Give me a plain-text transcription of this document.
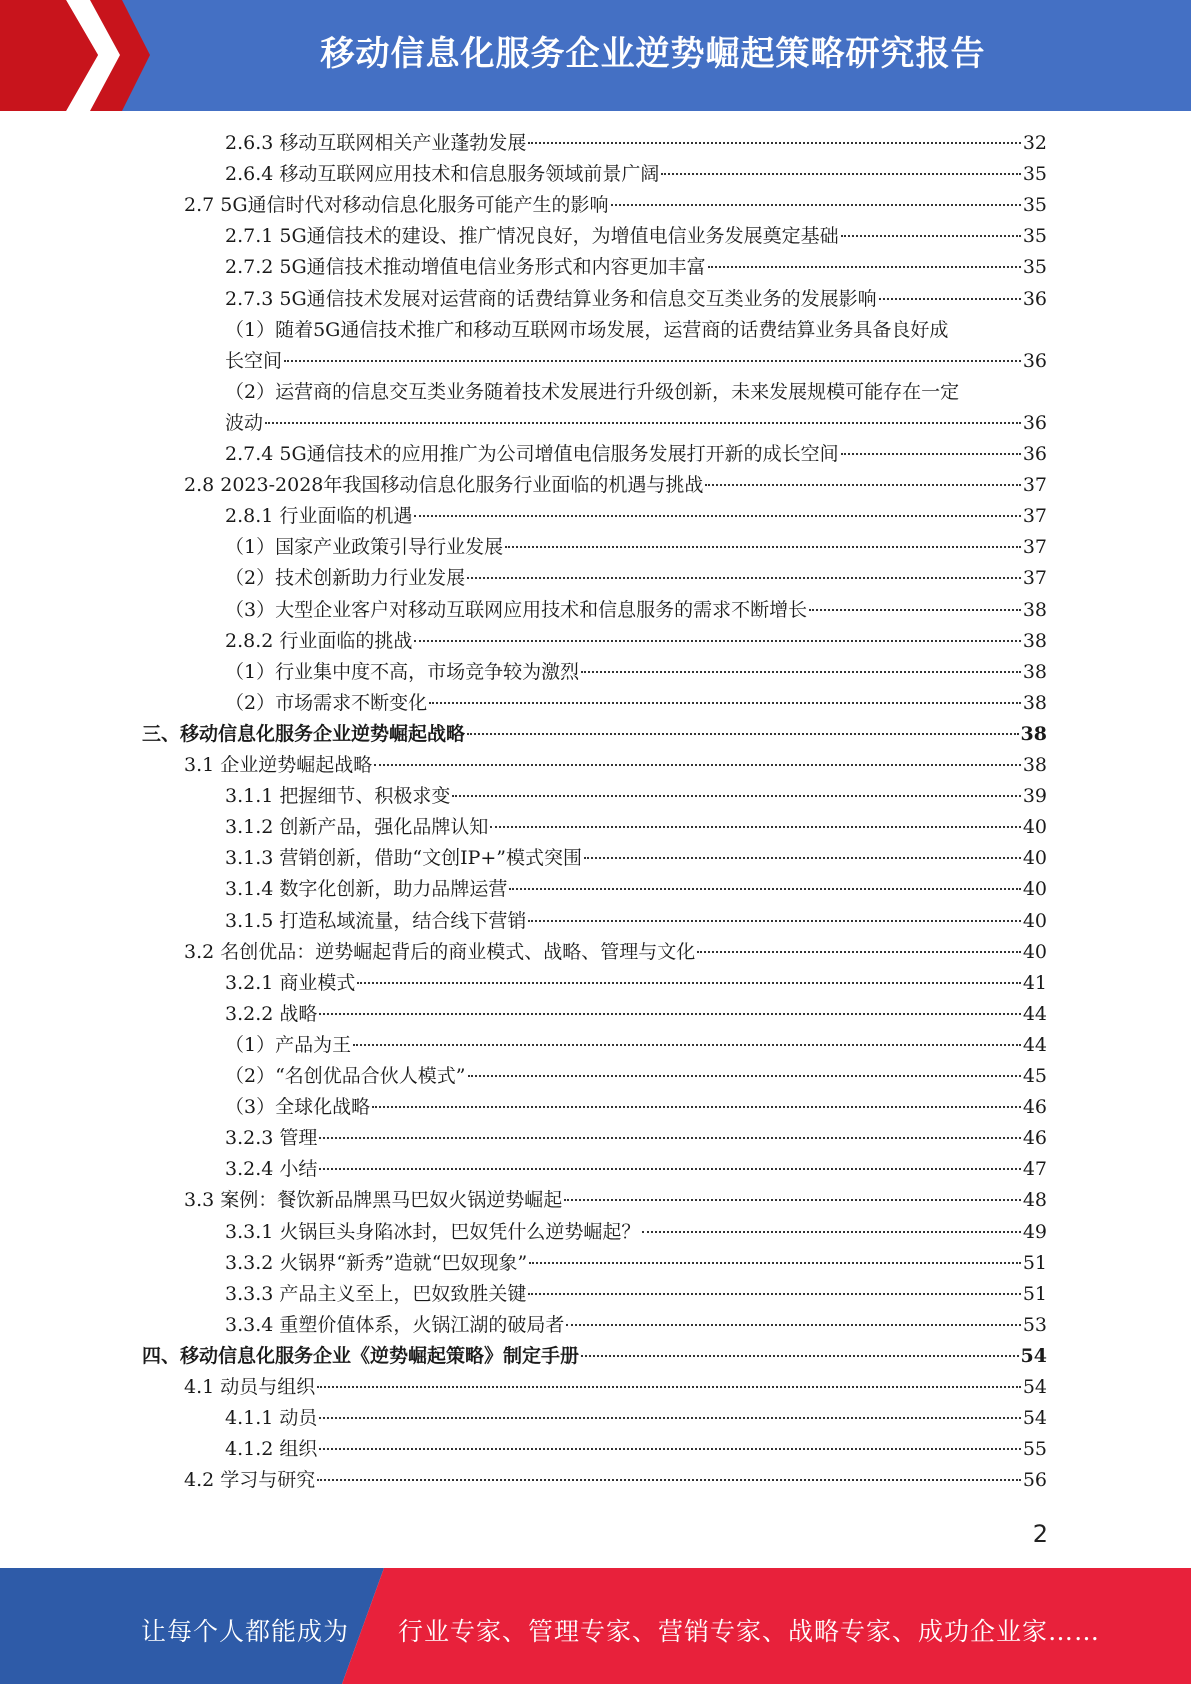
移动信息化服务企业逆势崛起策略研究报告
2.6.3 移动互联网相关产业蓬勃发展	32
2.6.4 移动互联网应用技术和信息服务领域前景广阔	35
2.7 5G通信时代对移动信息化服务可能产生的影响	35
2.7.1 5G通信技术的建设、推广情况良好，为增值电信业务发展奠定基础	35
2.7.2 5G通信技术推动增值电信业务形式和内容更加丰富	35
2.7.3 5G通信技术发展对运营商的话费结算业务和信息交互类业务的发展影响	36
（1）随着5G通信技术推广和移动互联网市场发展，运营商的话费结算业务具备良好成
长空间	36
（2）运营商的信息交互类业务随着技术发展进行升级创新，未来发展规模可能存在一定
波动	36
2.7.4 5G通信技术的应用推广为公司增值电信服务发展打开新的成长空间	36
2.8 2023-2028年我国移动信息化服务行业面临的机遇与挑战	37
2.8.1 行业面临的机遇	37
（1）国家产业政策引导行业发展	37
（2）技术创新助力行业发展	37
（3）大型企业客户对移动互联网应用技术和信息服务的需求不断增长	38
2.8.2 行业面临的挑战	38
（1）行业集中度不高，市场竞争较为激烈	38
（2）市场需求不断变化	38
三、移动信息化服务企业逆势崛起战略	38
3.1 企业逆势崛起战略	38
3.1.1 把握细节、积极求变	39
3.1.2 创新产品，强化品牌认知	40
3.1.3 营销创新，借助“文创IP+”模式突围	40
3.1.4 数字化创新，助力品牌运营	40
3.1.5 打造私域流量，结合线下营销	40
3.2 名创优品：逆势崛起背后的商业模式、战略、管理与文化	40
3.2.1 商业模式	41
3.2.2 战略	44
（1）产品为王	44
（2）“名创优品合伙人模式”	45
（3）全球化战略	46
3.2.3 管理	46
3.2.4 小结	47
3.3 案例：餐饮新品牌黑马巴奴火锅逆势崛起	48
3.3.1 火锅巨头身陷冰封，巴奴凭什么逆势崛起？	49
3.3.2 火锅界“新秀”造就“巴奴现象”	51
3.3.3 产品主义至上，巴奴致胜关键	51
3.3.4 重塑价值体系，火锅江湖的破局者	53
四、移动信息化服务企业《逆势崛起策略》制定手册	54
4.1 动员与组织	54
4.1.1 动员	54
4.1.2 组织	55
4.2 学习与研究	56
2
让每个人都能成为 行业专家、管理专家、营销专家、战略专家、成功企业家……
